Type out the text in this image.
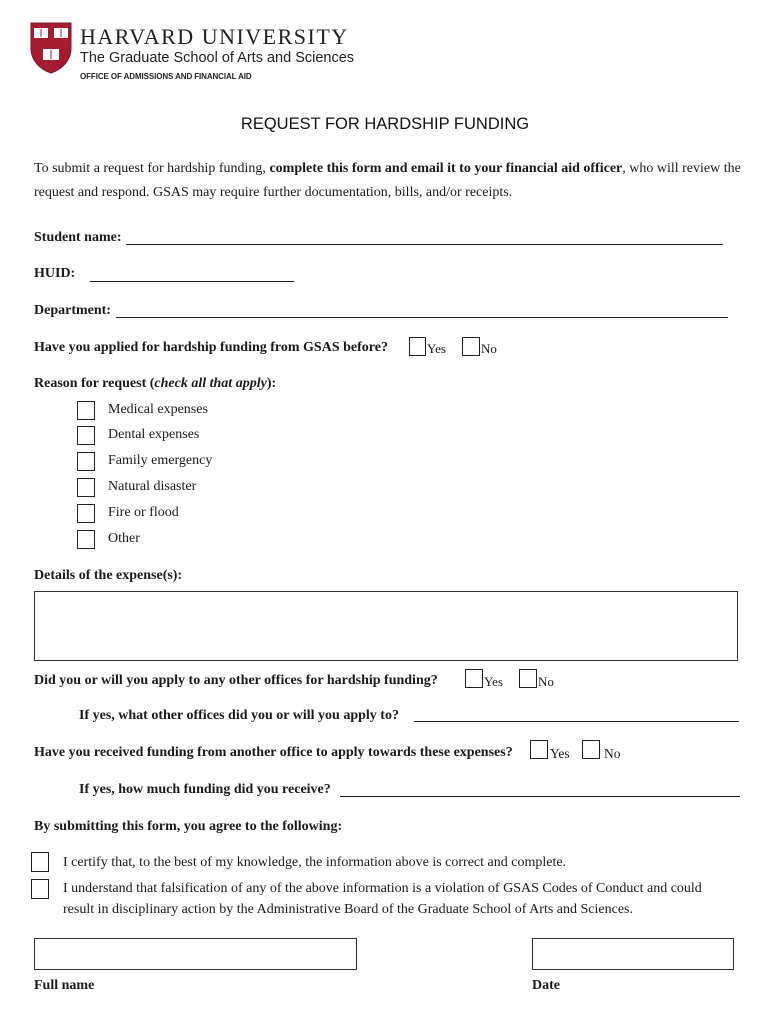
HARVARD UNIVERSITY
The Graduate School of Arts and Sciences
OFFICE OF ADMISSIONS AND FINANCIAL AID
REQUEST FOR HARDSHIP FUNDING
To submit a request for hardship funding, complete this form and email it to your financial aid officer, who will review the request and respond. GSAS may require further documentation, bills, and/or receipts.
Student name:
HUID:
Department:
Have you applied for hardship funding from GSAS before?	Yes	No
Reason for request (check all that apply):
Medical expenses
Dental expenses
Family emergency
Natural disaster
Fire or flood
Other
Details of the expense(s):
Did you or will you apply to any other offices for hardship funding?	Yes	No
If yes, what other offices did you or will you apply to?
Have you received funding from another office to apply towards these expenses?	Yes	No
If yes, how much funding did you receive?
By submitting this form, you agree to the following:
I certify that, to the best of my knowledge, the information above is correct and complete.
I understand that falsification of any of the above information is a violation of GSAS Codes of Conduct and could
result in disciplinary action by the Administrative Board of the Graduate School of Arts and Sciences.
Full name	Date
